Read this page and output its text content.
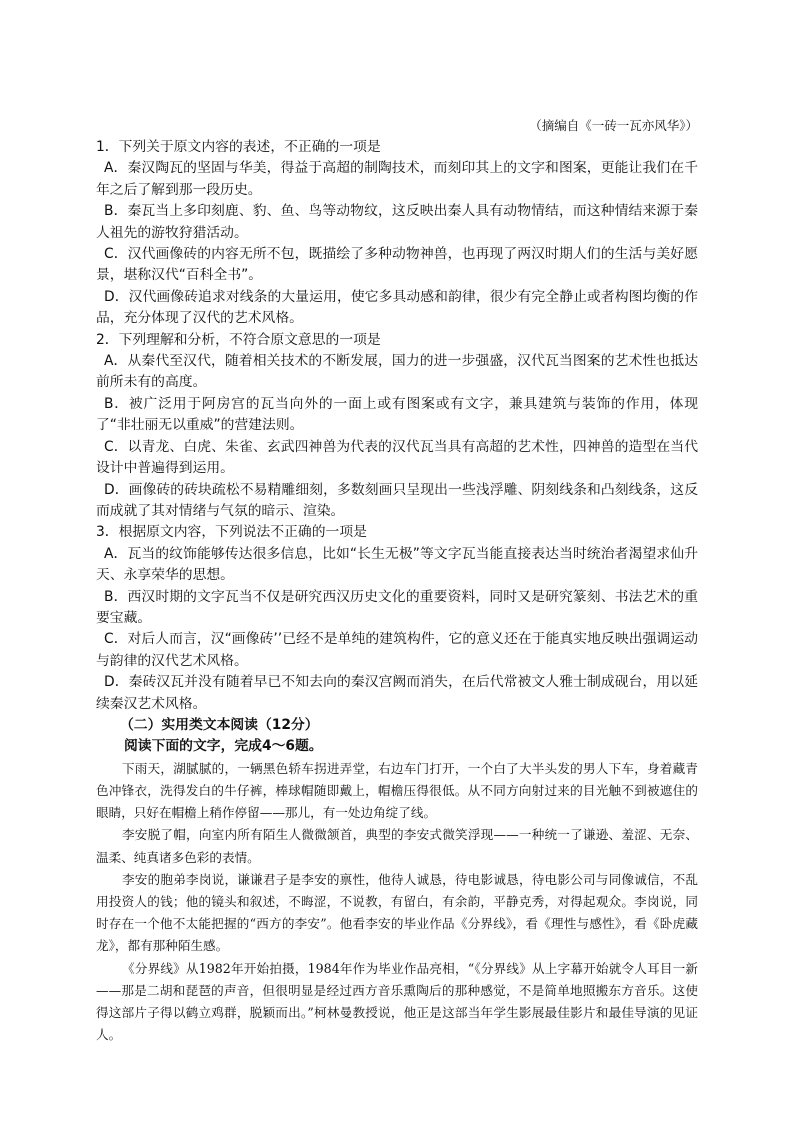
（摘编自《一砖一瓦亦风华》）

1．下列关于原文内容的表述，不正确的一项是

A．秦汉陶瓦的坚固与华美，得益于高超的制陶技术，而刻印其上的文字和图案，更能让我们在千年之后了解到那一段历史。

B．秦瓦当上多印刻鹿、豹、鱼、鸟等动物纹，这反映出秦人具有动物情结，而这种情结来源于秦人祖先的游牧狩猎活动。

C．汉代画像砖的内容无所不包，既描绘了多种动物神兽，也再现了两汉时期人们的生活与美好愿景，堪称汉代“百科全书”。

D．汉代画像砖追求对线条的大量运用，使它多具动感和韵律，很少有完全静止或者构图均衡的作品，充分体现了汉代的艺术风格。

2．下列理解和分析，不符合原文意思的一项是

A．从秦代至汉代，随着相关技术的不断发展，国力的进一步强盛，汉代瓦当图案的艺术性也抵达前所未有的高度。

B．被广泛用于阿房宫的瓦当向外的一面上或有图案或有文字，兼具建筑与装饰的作用，体现了“非壮丽无以重威”的营建法则。

C．以青龙、白虎、朱雀、玄武四神兽为代表的汉代瓦当具有高超的艺术性，四神兽的造型在当代设计中普遍得到运用。

D．画像砖的砖块疏松不易精雕细刻，多数刻画只呈现出一些浅浮雕、阴刻线条和凸刻线条，这反而成就了其对情绪与气氛的暗示、渲染。

3．根据原文内容，下列说法不正确的一项是

A．瓦当的纹饰能够传达很多信息，比如“长生无极”等文字瓦当能直接表达当时统治者渴望求仙升天、永享荣华的思想。

B．西汉时期的文字瓦当不仅是研究西汉历史文化的重要资料，同时又是研究篆刻、书法艺术的重要宝藏。

C．对后人而言，汉“画像砖’’已经不是单纯的建筑构件，它的意义还在于能真实地反映出强调运动与韵律的汉代艺术风格。

D．秦砖汉瓦并没有随着早已不知去向的秦汉宫阙而消失，在后代常被文人雅士制成砚台，用以延续秦汉艺术风格。

（二）实用类文本阅读（12分）

阅读下面的文字，完成4～6题。

下雨天，湖腻腻的，一辆黑色轿车拐进弄堂，右边车门打开，一个白了大半头发的男人下车，身着藏青色冲锋衣，洗得发白的牛仔裤，棒球帽随即戴上，帽檐压得很低。从不同方向射过来的目光触不到被遮住的眼睛，只好在帽檐上稍作停留——那儿，有一处边角绽了线。

李安脱了帽，向室内所有陌生人微微颔首，典型的李安式微笑浮现——一种统一了谦逊、羞涩、无奈、温柔、纯真诸多色彩的表情。

李安的胞弟李岗说，谦谦君子是李安的禀性，他待人诚恳，待电影诚恳，待电影公司与同像诚信，不乱用投资人的钱；他的镜头和叙述，不晦涩，不说教，有留白，有余韵，平静克秀，对得起观众。李岗说，同时存在一个他不太能把握的“西方的李安”。他看李安的毕业作品《分界线》，看《理性与感性》，看《卧虎藏龙》，都有那种陌生感。

《分界线》从1982年开始拍摄，1984年作为毕业作品亮相，“《分界线》从上字幕开始就令人耳目一新——那是二胡和琵琶的声音，但很明显是经过西方音乐熏陶后的那种感觉，不是简单地照搬东方音乐。这使得这部片子得以鹤立鸡群，脱颖而出。”柯林曼教授说，他正是这部当年学生影展最佳影片和最佳导演的见证人。
